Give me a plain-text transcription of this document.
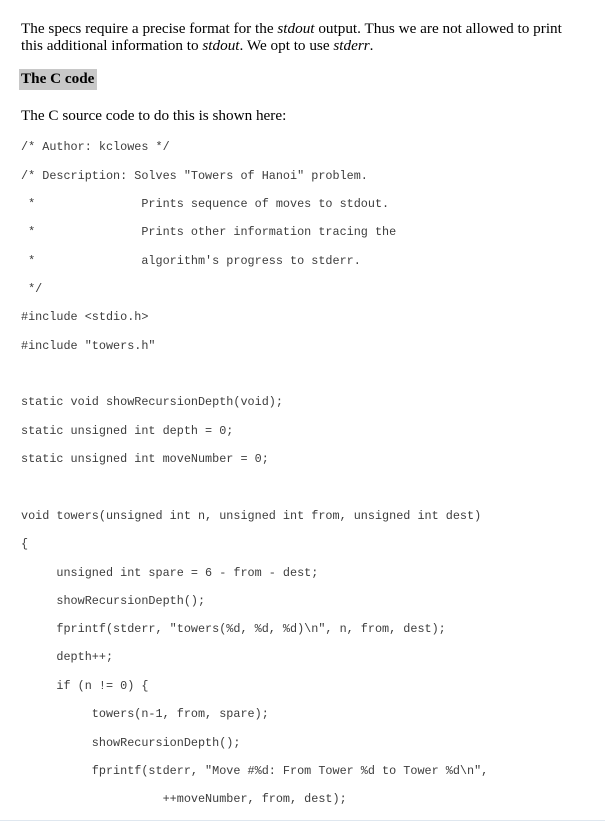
The specs require a precise format for the stdout output. Thus we are not allowed to print this additional information to stdout. We opt to use stderr.

The C code

The C source code to do this is shown here:

/* Author: kclowes */
/* Description: Solves "Towers of Hanoi" problem.
*               Prints sequence of moves to stdout.
*               Prints other information tracing the
*               algorithm's progress to stderr.
*/
#include <stdio.h>
#include "towers.h"
static void showRecursionDepth(void);
static unsigned int depth = 0;
static unsigned int moveNumber = 0;
void towers(unsigned int n, unsigned int from, unsigned int dest)
{
unsigned int spare = 6 - from - dest;
showRecursionDepth();
fprintf(stderr, "towers(%d, %d, %d)\n", n, from, dest);
depth++;
if (n != 0) {
towers(n-1, from, spare);
showRecursionDepth();
fprintf(stderr, "Move #%d: From Tower %d to Tower %d\n",
++moveNumber, from, dest);
